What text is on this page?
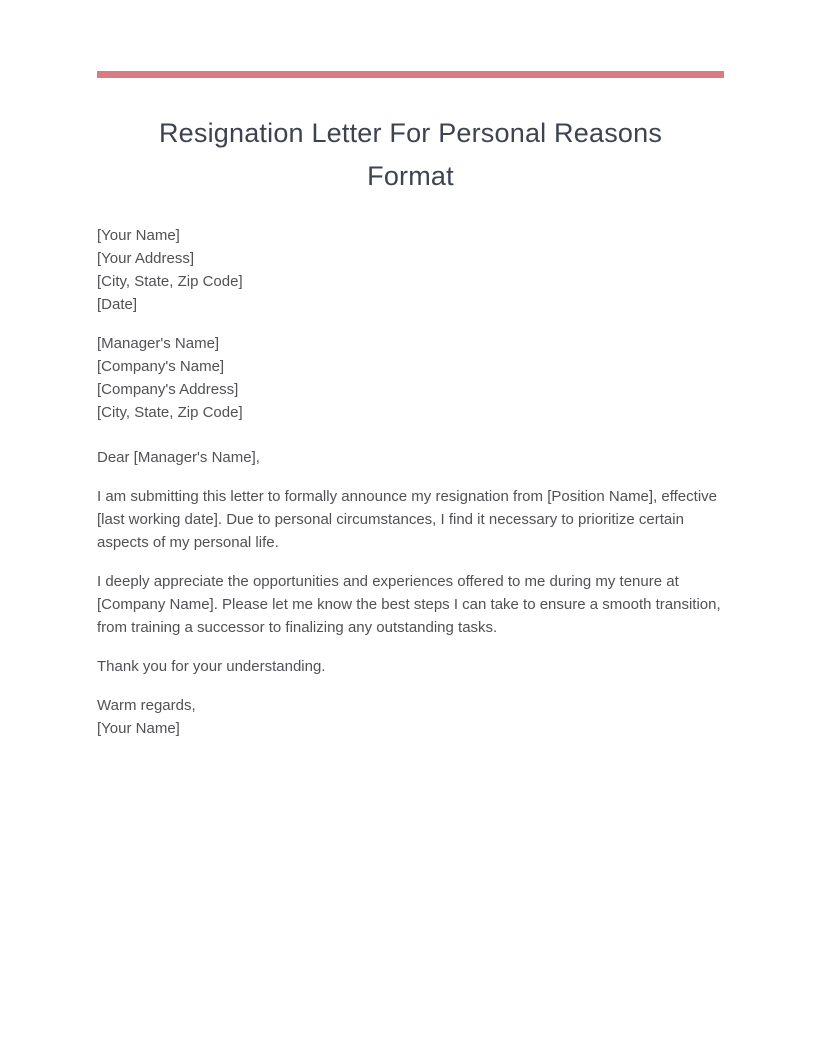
Resignation Letter For Personal Reasons Format
[Your Name]
[Your Address]
[City, State, Zip Code]
[Date]
[Manager's Name]
[Company's Name]
[Company's Address]
[City, State, Zip Code]

Dear [Manager's Name],

I am submitting this letter to formally announce my resignation from [Position Name], effective [last working date]. Due to personal circumstances, I find it necessary to prioritize certain aspects of my personal life.

I deeply appreciate the opportunities and experiences offered to me during my tenure at [Company Name]. Please let me know the best steps I can take to ensure a smooth transition, from training a successor to finalizing any outstanding tasks.

Thank you for your understanding.

Warm regards,
[Your Name]
